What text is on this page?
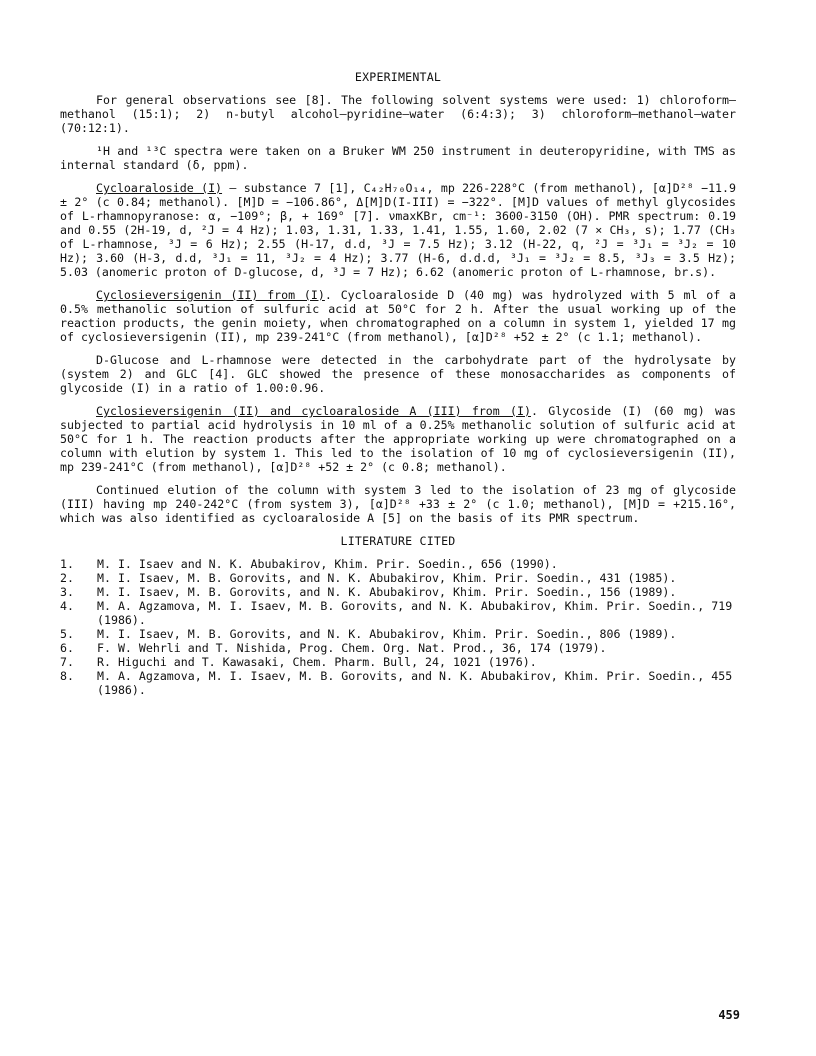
EXPERIMENTAL

For general observations see [8]. The following solvent systems were used: 1) chloroform–methanol (15:1); 2) n-butyl alcohol–pyridine–water (6:4:3); 3) chloroform–methanol–water (70:12:1).

¹H and ¹³C spectra were taken on a Bruker WM 250 instrument in deuteropyridine, with TMS as internal standard (δ, ppm).

Cycloaraloside (I) – substance 7 [1], C₄₂H₇₀O₁₄, mp 226-228°C (from methanol), [α]D²⁸ −11.9 ± 2° (c 0.84; methanol). [M]D = −106.86°, Δ[M]D(I-III) = −322°. [M]D values of methyl glycosides of L-rhamnopyranose: α, −109°; β, + 169° [7]. νmaxKBr, cm⁻¹: 3600-3150 (OH). PMR spectrum: 0.19 and 0.55 (2H-19, d, ²J = 4 Hz); 1.03, 1.31, 1.33, 1.41, 1.55, 1.60, 2.02 (7 × CH₃, s); 1.77 (CH₃ of L-rhamnose, ³J = 6 Hz); 2.55 (H-17, d.d, ³J = 7.5 Hz); 3.12 (H-22, q, ²J = ³J₁ = ³J₂ = 10 Hz); 3.60 (H-3, d.d, ³J₁ = 11, ³J₂ = 4 Hz); 3.77 (H-6, d.d.d, ³J₁ = ³J₂ = 8.5, ³J₃ = 3.5 Hz); 5.03 (anomeric proton of D-glucose, d, ³J = 7 Hz); 6.62 (anomeric proton of L-rhamnose, br.s).

Cyclosieversigenin (II) from (I). Cycloaraloside D (40 mg) was hydrolyzed with 5 ml of a 0.5% methanolic solution of sulfuric acid at 50°C for 2 h. After the usual working up of the reaction products, the genin moiety, when chromatographed on a column in system 1, yielded 17 mg of cyclosieversigenin (II), mp 239-241°C (from methanol), [α]D²⁸ +52 ± 2° (c 1.1; methanol).

D-Glucose and L-rhamnose were detected in the carbohydrate part of the hydrolysate by (system 2) and GLC [4]. GLC showed the presence of these monosaccharides as components of glycoside (I) in a ratio of 1.00:0.96.

Cyclosieversigenin (II) and cycloaraloside A (III) from (I). Glycoside (I) (60 mg) was subjected to partial acid hydrolysis in 10 ml of a 0.25% methanolic solution of sulfuric acid at 50°C for 1 h. The reaction products after the appropriate working up were chromatographed on a column with elution by system 1. This led to the isolation of 10 mg of cyclosieversigenin (II), mp 239-241°C (from methanol), [α]D²⁸ +52 ± 2° (c 0.8; methanol).

Continued elution of the column with system 3 led to the isolation of 23 mg of glycoside (III) having mp 240-242°C (from system 3), [α]D²⁸ +33 ± 2° (c 1.0; methanol), [M]D = +215.16°, which was also identified as cycloaraloside A [5] on the basis of its PMR spectrum.

LITERATURE CITED
1.	M. I. Isaev and N. K. Abubakirov, Khim. Prir. Soedin., 656 (1990).
2.	M. I. Isaev, M. B. Gorovits, and N. K. Abubakirov, Khim. Prir. Soedin., 431 (1985).
3.	M. I. Isaev, M. B. Gorovits, and N. K. Abubakirov, Khim. Prir. Soedin., 156 (1989).
4.	M. A. Agzamova, M. I. Isaev, M. B. Gorovits, and N. K. Abubakirov, Khim. Prir. Soedin., 719 (1986).
5.	M. I. Isaev, M. B. Gorovits, and N. K. Abubakirov, Khim. Prir. Soedin., 806 (1989).
6.	F. W. Wehrli and T. Nishida, Prog. Chem. Org. Nat. Prod., 36, 174 (1979).
7.	R. Higuchi and T. Kawasaki, Chem. Pharm. Bull, 24, 1021 (1976).
8.	M. A. Agzamova, M. I. Isaev, M. B. Gorovits, and N. K. Abubakirov, Khim. Prir. Soedin., 455 (1986).
459
